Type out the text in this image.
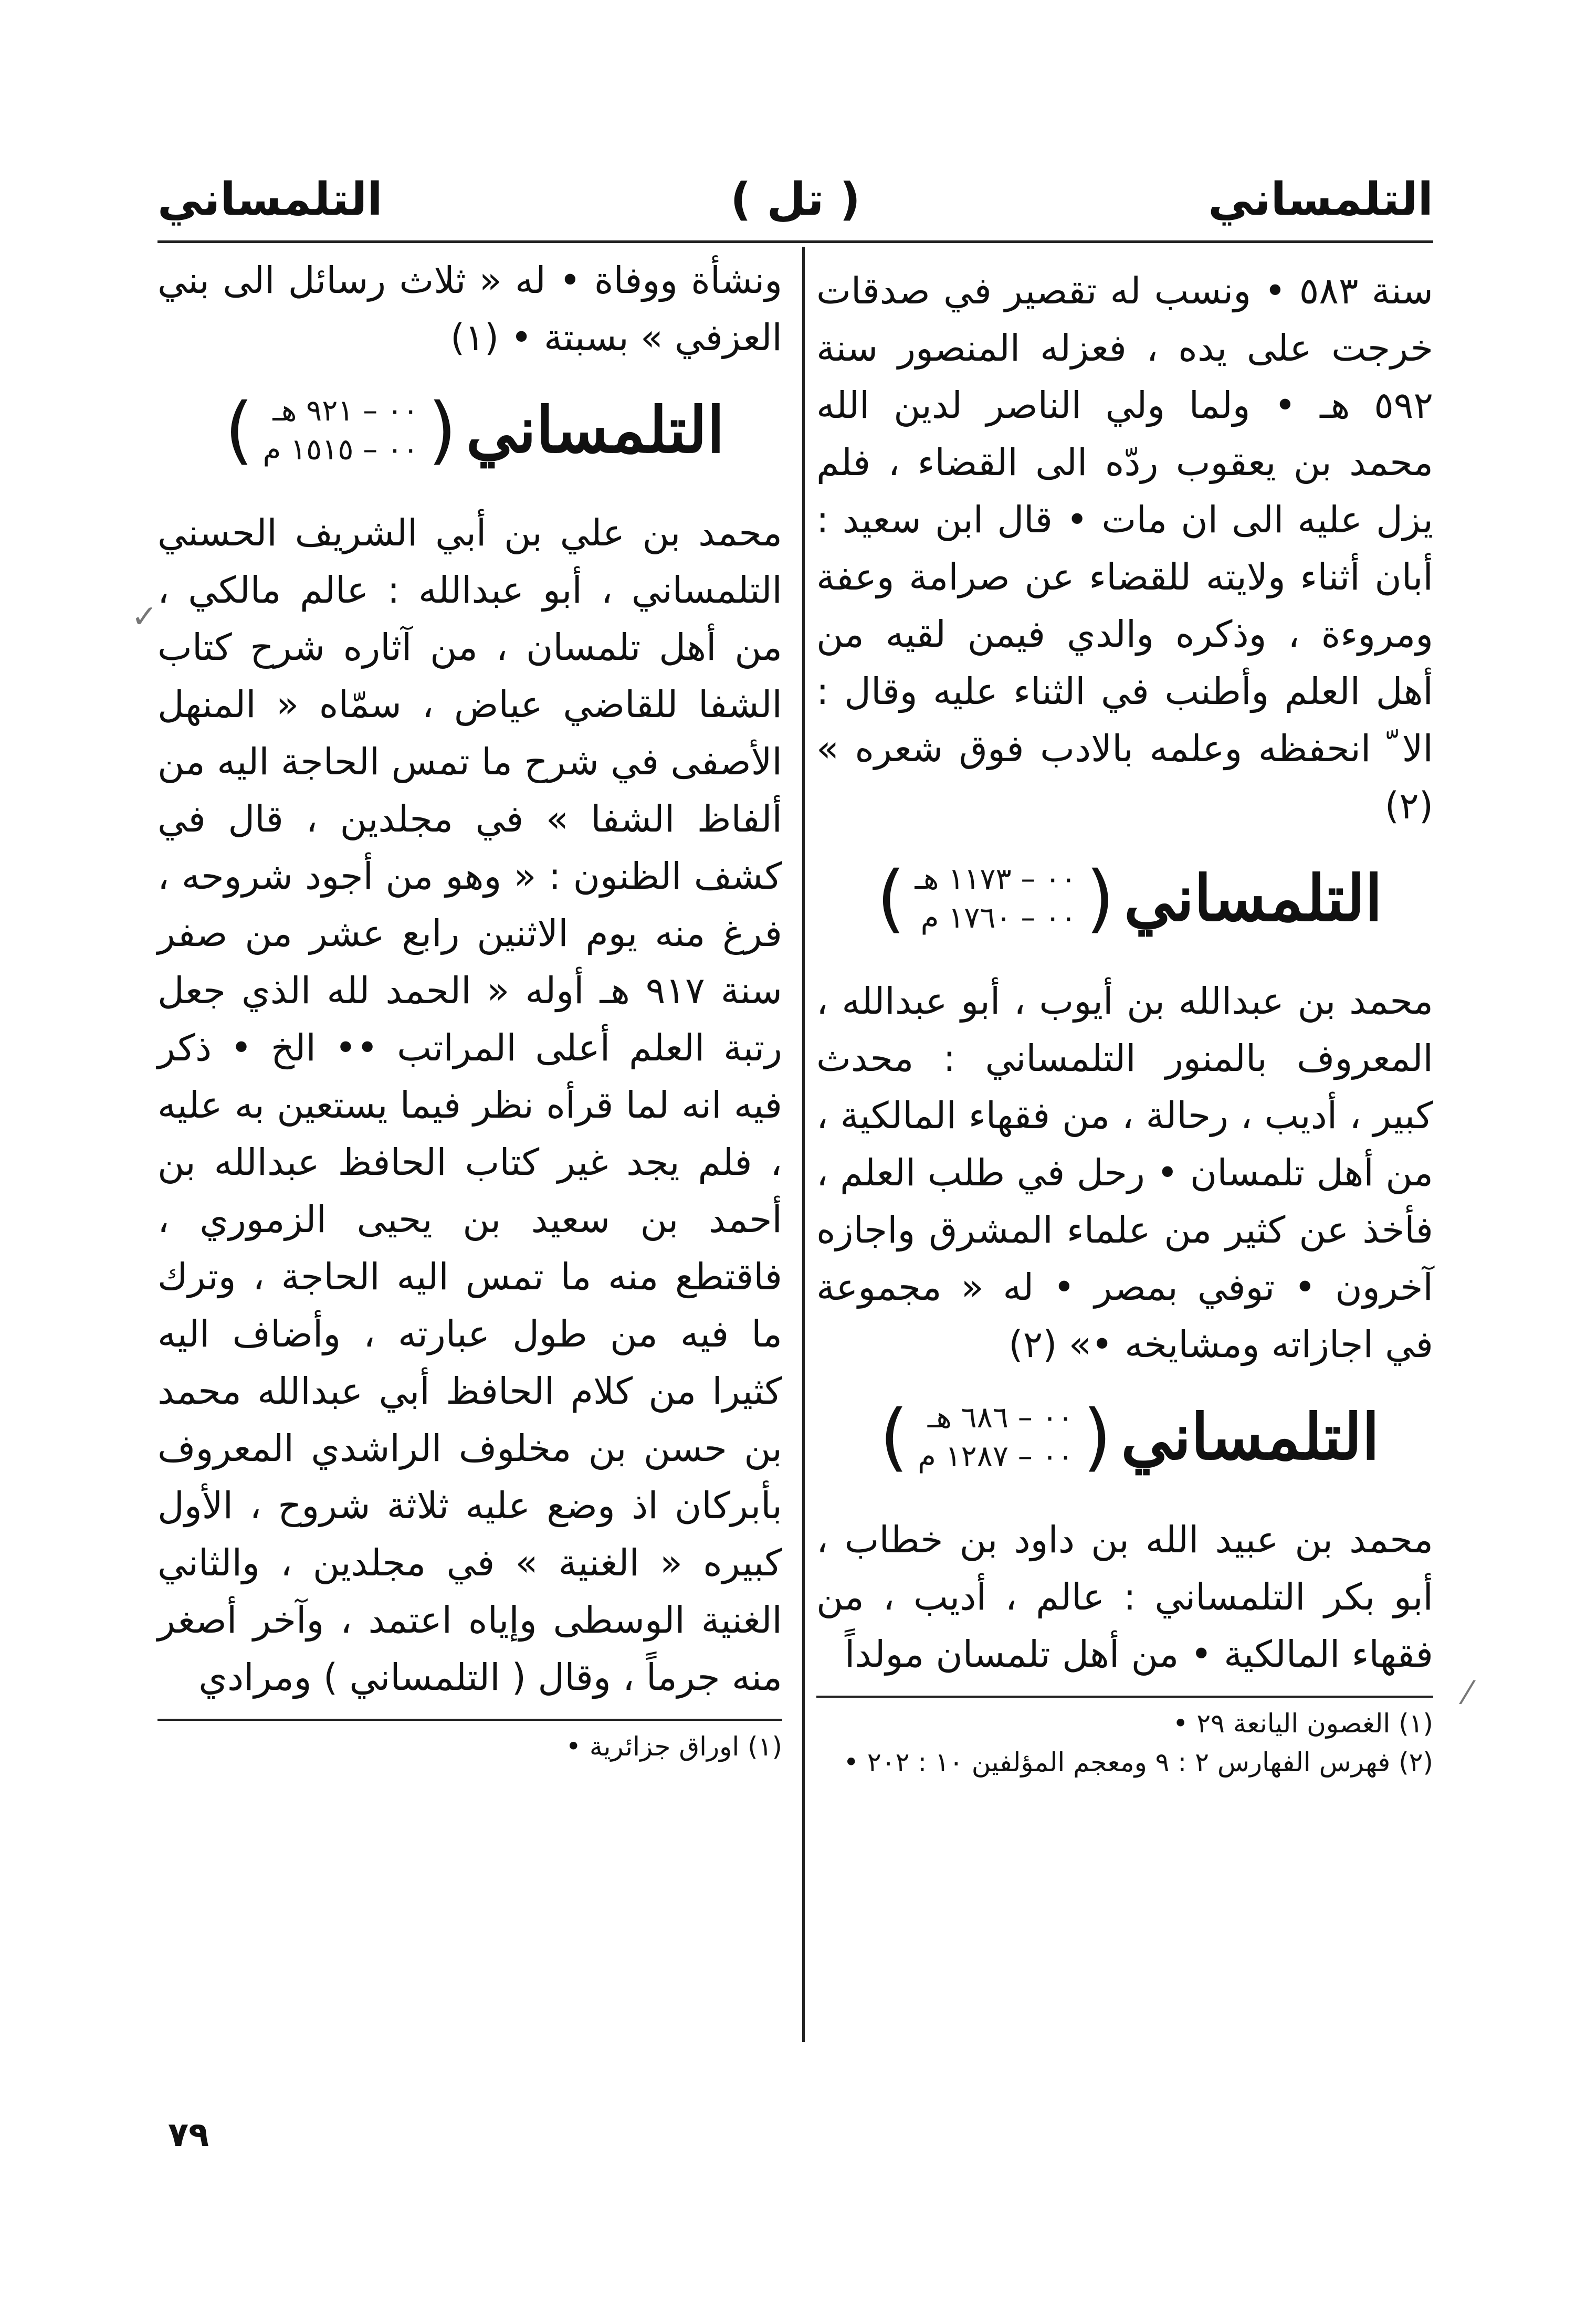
التلمساني
( تل )
التلمساني

سنة ٥٨٣ • ونسب له تقصير في صدقات خرجت على يده ، فعزله المنصور سنة ٥٩٢ هـ • ولما ولي الناصر لدين الله محمد بن يعقوب ردّه الى القضاء ، فلم يزل عليه الى ان مات • قال ابن سعيد : أبان أثناء ولايته للقضاء عن صرامة وعفة ومروءة ، وذكره والدي فيمن لقيه من أهل العلم وأطنب في الثناء عليه وقال : الا ّ انحفظه وعلمه بالادب فوق شعره » (٢)

التلمساني
(
٠٠ – ١١٧٣ هـ
٠٠ – ١٧٦٠ م
)

محمد بن عبدالله بن أيوب ، أبو عبدالله ، المعروف بالمنور التلمساني : محدث كبير ، أديب ، رحالة ، من فقهاء المالكية ، من أهل تلمسان • رحل في طلب العلم ، فأخذ عن كثير من علماء المشرق واجازه آخرون • توفي بمصر • له « مجموعة في اجازاته ومشايخه •» (٢)

التلمساني
(
٠٠ – ٦٨٦ هـ
٠٠ – ١٢٨٧ م
)

محمد بن عبيد الله بن داود بن خطاب ، أبو بكر التلمساني : عالم ، أديب ، من فقهاء المالكية • من أهل تلمسان مولداً

(١) الغصون اليانعة ٢٩ •

(٢) فهرس الفهارس ٢ : ٩ ومعجم المؤلفين ١٠ : ٢٠٢ •

ونشأة ووفاة • له « ثلاث رسائل الى بني العزفي » بسبتة • (١)

التلمساني
(
٠٠ – ٩٢١ هـ
٠٠ – ١٥١٥ م
)

محمد بن علي بن أبي الشريف الحسني التلمساني ، أبو عبدالله : عالم مالكي ، من أهل تلمسان ، من آثاره شرح كتاب الشفا للقاضي عياض ، سمّاه « المنهل الأصفى في شرح ما تمس الحاجة اليه من ألفاظ الشفا » في مجلدين ، قال في كشف الظنون : « وهو من أجود شروحه ، فرغ منه يوم الاثنين رابع عشر من صفر سنة ٩١٧ هـ أوله « الحمد لله الذي جعل رتبة العلم أعلى المراتب •• الخ • ذكر فيه انه لما قرأه نظر فيما يستعين به عليه ، فلم يجد غير كتاب الحافظ عبدالله بن أحمد بن سعيد بن يحيى الزموري ، فاقتطع منه ما تمس اليه الحاجة ، وترك ما فيه من طول عبارته ، وأضاف اليه كثيرا من كلام الحافظ أبي عبدالله محمد بن حسن بن مخلوف الراشدي المعروف بأبركان اذ وضع عليه ثلاثة شروح ، الأول كبيره « الغنية » في مجلدين ، والثاني الغنية الوسطى وإياه اعتمد ، وآخر أصغر منه جرماً ، وقال ( التلمساني ) ومرادي

(١) اوراق جزائرية •

✓
⁄
٧٩
